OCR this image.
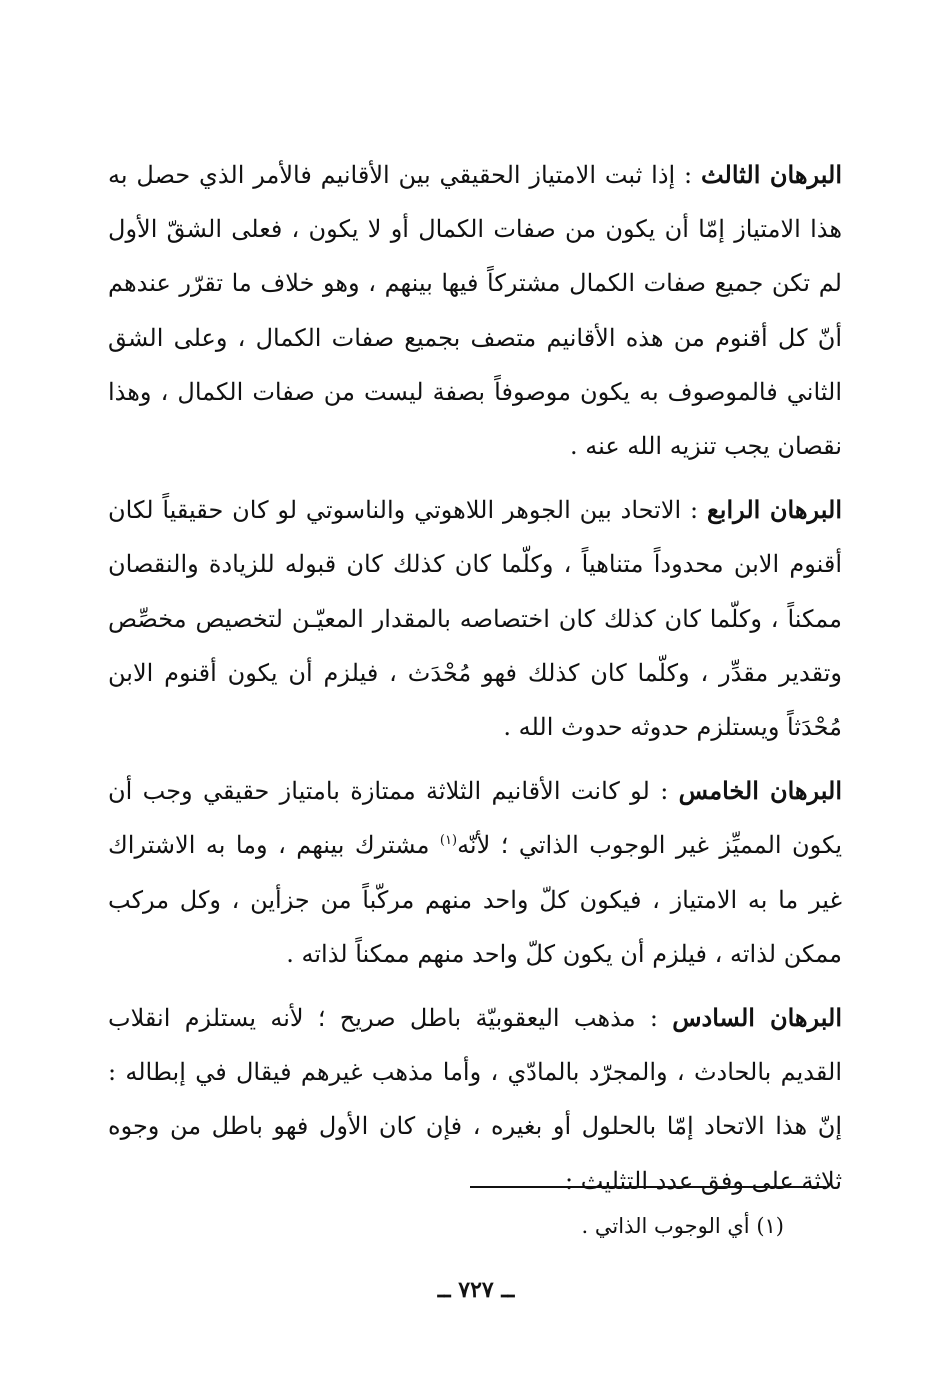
البرهان الثالث : إذا ثبت الامتياز الحقيقي بين الأقانيم فالأمر الذي حصل به هذا الامتياز إمّا أن يكون من صفات الكمال أو لا يكون ، فعلى الشقّ الأول لم تكن جميع صفات الكمال مشتركاً فيها بينهم ، وهو خلاف ما تقرّر عندهم أنّ كل أقنوم من هذه الأقانيم متصف بجميع صفات الكمال ، وعلى الشق الثاني فالموصوف به يكون موصوفاً بصفة ليست من صفات الكمال ، وهذا نقصان يجب تنزيه الله عنه .

البرهان الرابع : الاتحاد بين الجوهر اللاهوتي والناسوتي لو كان حقيقياً لكان أقنوم الابن محدوداً متناهياً ، وكلّما كان كذلك كان قبوله للزيادة والنقصان ممكناً ، وكلّما كان كذلك كان اختصاصه بالمقدار المعيّـن لتخصيص مخصِّص وتقدير مقدِّر ، وكلّما كان كذلك فهو مُحْدَث ، فيلزم أن يكون أقنوم الابن مُحْدَثاً ويستلزم حدوثه حدوث الله .

البرهان الخامس : لو كانت الأقانيم الثلاثة ممتازة بامتياز حقيقي وجب أن يكون المميِّز غير الوجوب الذاتي ؛ لأنّه$^{(١)}$ مشترك بينهم ، وما به الاشتراك غير ما به الامتياز ، فيكون كلّ واحد منهم مركّباً من جزأين ، وكل مركب ممكن لذاته ، فيلزم أن يكون كلّ واحد منهم ممكناً لذاته .

البرهان السادس : مذهب اليعقوبيّة باطل صريح ؛ لأنه يستلزم انقلاب القديم بالحادث ، والمجرّد بالمادّي ، وأما مذهب غيرهم فيقال في إبطاله : إنّ هذا الاتحاد إمّا بالحلول أو بغيره ، فإن كان الأول فهو باطل من وجوه ثلاثة على وفق عدد التثليث :

(١) أي الوجوب الذاتي .
ــ ٧٢٧ ــ
